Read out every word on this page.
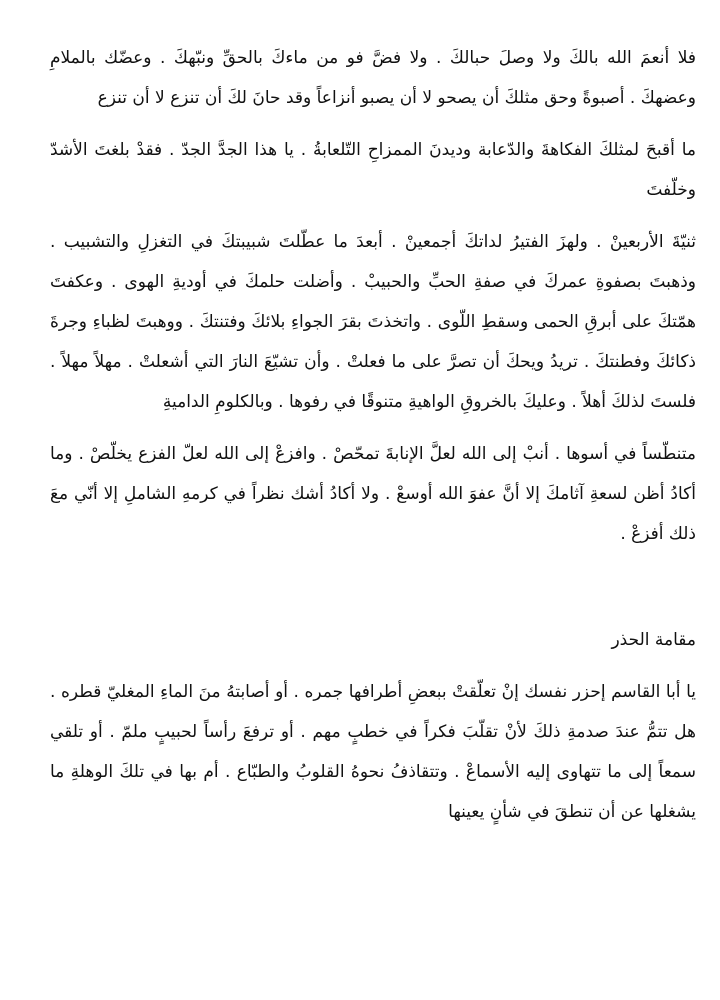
فلا أنعمَ الله بالكَ ولا وصلَ حبالكَ . ولا فضَّ فو من ماءكَ بالحقِّ ونبّهكَ . وعضّك بالملامِ وعضهكَ . أصبوةً وحق مثلكَ أن يصحو لا أن يصبو أنزاعاً وقد حانَ لكَ أن تنزع لا أن تنزع

ما أقبحَ لمثلكَ الفكاهةَ والدّعابة وديدنَ الممزاحِ التّلعابةُ . يا هذا الجدَّ الجدّ . فقدْ بلغتَ الأشدّ وخلّفتَ

ثنيّةَ الأربعينْ . ولهزَ الفتيرُ لداتكَ أجمعينْ . أبعدَ ما عطّلتَ شبيبتكَ في التغزلِ والتشبيب . وذهبتَ بصفوةِ عمركَ في صفةِ الحبِّ والحبيبْ . وأضلت حلمكَ في أوديةِ الهوى . وعكفتَ همّتكَ على أبرقِ الحمى وسقطِ اللّوى . واتخذتَ بقرَ الجواءِ بلائكَ وفتنتكَ . ووهبتَ لظباءِ وجرةَ ذكائكَ وفطنتكَ . تريدُ ويحكَ أن تصرَّ على ما فعلتْ . وأن تشيّعَ النارَ التي أشعلتْ . مهلاً مهلاً . فلستَ لذلكَ أهلاً . وعليكَ بالخروقِ الواهيةِ متنوقًا في رفوها . وبالكلومِ الداميةِ

متنطّساً في أسوها . أنبْ إلى الله لعلَّ الإنابةَ تمحّصْ . وافزعْ إلى الله لعلّ الفزع يخلّصْ . وما أكادُ أظن لسعةِ آثامكَ إلا أنَّ عفوَ الله أوسعْ . ولا أكادُ أشك نظراً في كرمهِ الشاملِ إلا أنّي معَ ذلك أفزعْ .

مقامة الحذر

يا أبا القاسم إحزر نفسك إنْ تعلّقتْ ببعضِ أطرافها جمره . أو أصابتهُ منَ الماءِ المغليّ قطره . هل تتمُّ عندَ صدمةِ ذلكَ لأنْ تقلّبَ فكراً في خطبٍ مهم . أو ترفعَ رأساً لحبيبٍ ملمّ . أو تلقي سمعاً إلى ما تتهاوى إليه الأسماعْ . وتتقاذفُ نحوهُ القلوبُ والطبّاع . أم بها في تلكَ الوهلةِ ما يشغلها عن أن تنطقَ في شأنٍ يعينها
